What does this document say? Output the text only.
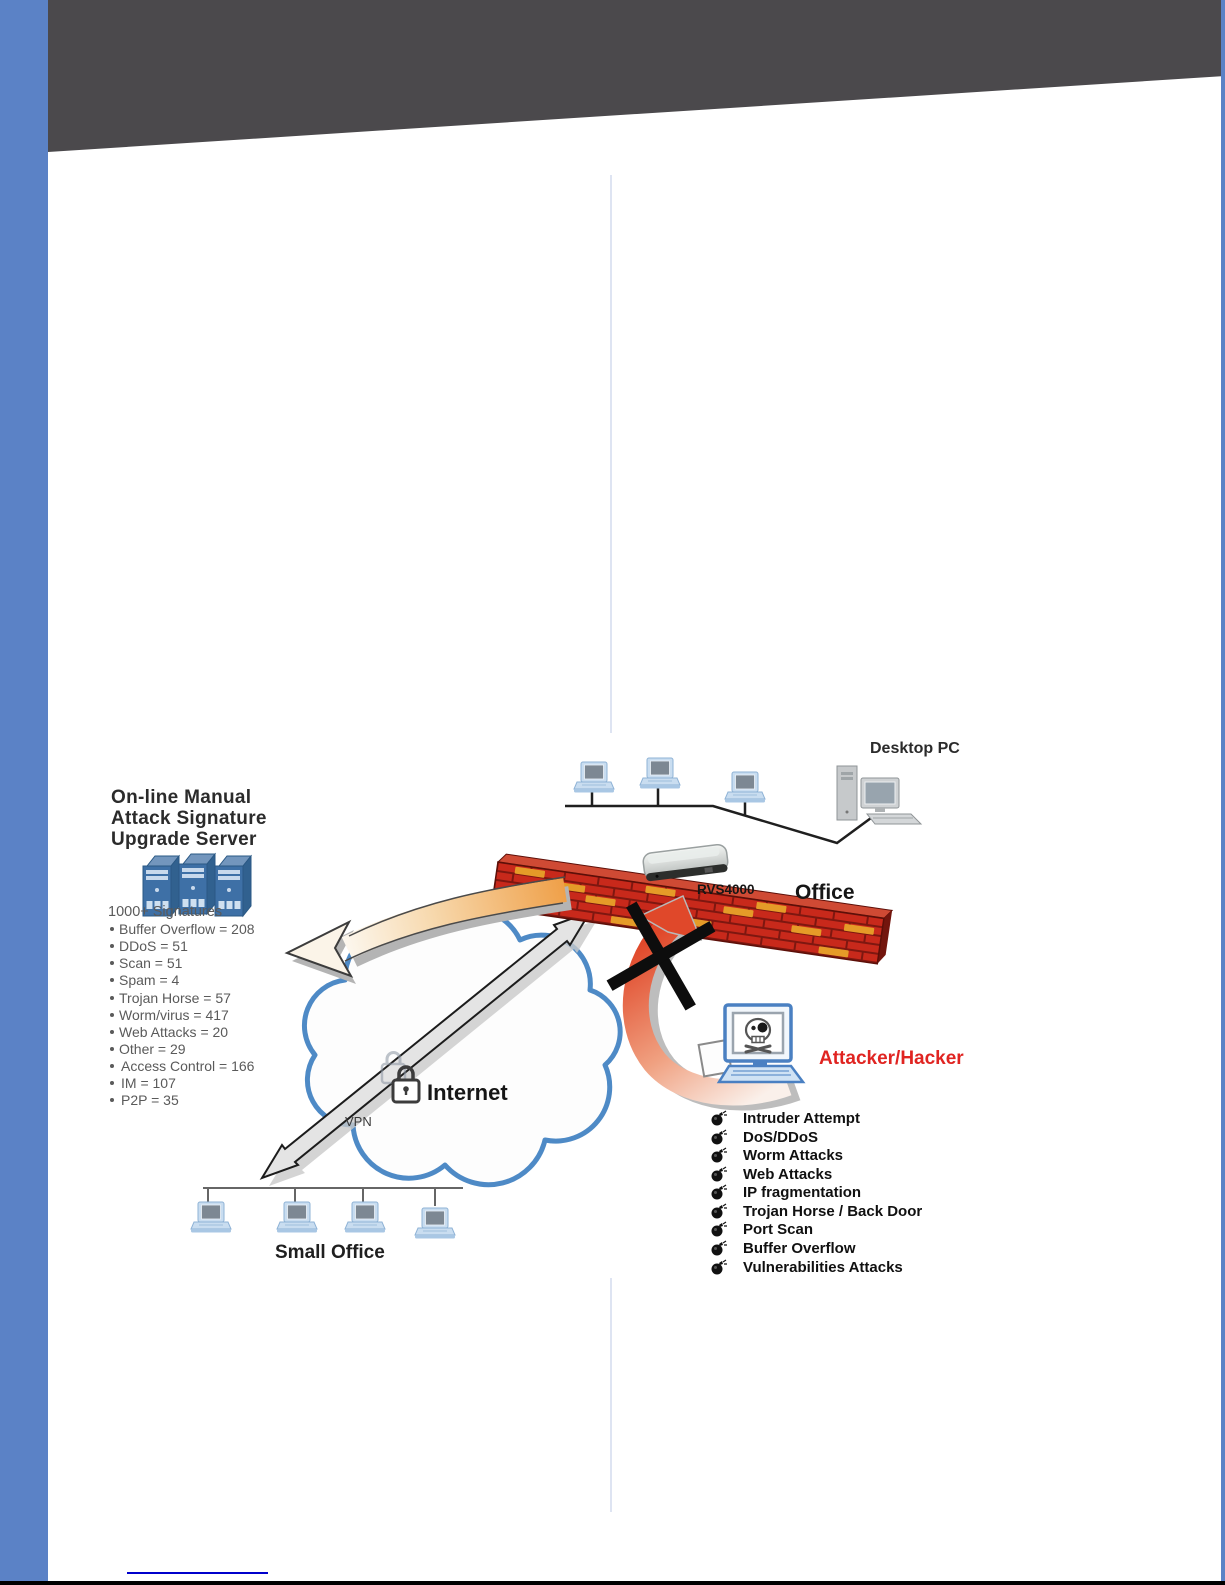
Desktop PC
RVS4000 Office
On-line Manual
Attack Signature
Upgrade Server
1000+ Signatures
Buffer Overflow = 208
DDoS = 51
Scan = 51
Spam = 4
Trojan Horse = 57
Worm/virus = 417
Web Attacks = 20
Other = 29
Access Control = 166
IM = 107
P2P = 35	Internet
VPN
Attacker/Hacker
Intruder Attempt
DoS/DDoS
Worm Attacks
Web Attacks
IP fragmentation
Trojan Horse / Back Door
Port Scan
Buffer Overflow
Vulnerabilities Attacks
Small Office
